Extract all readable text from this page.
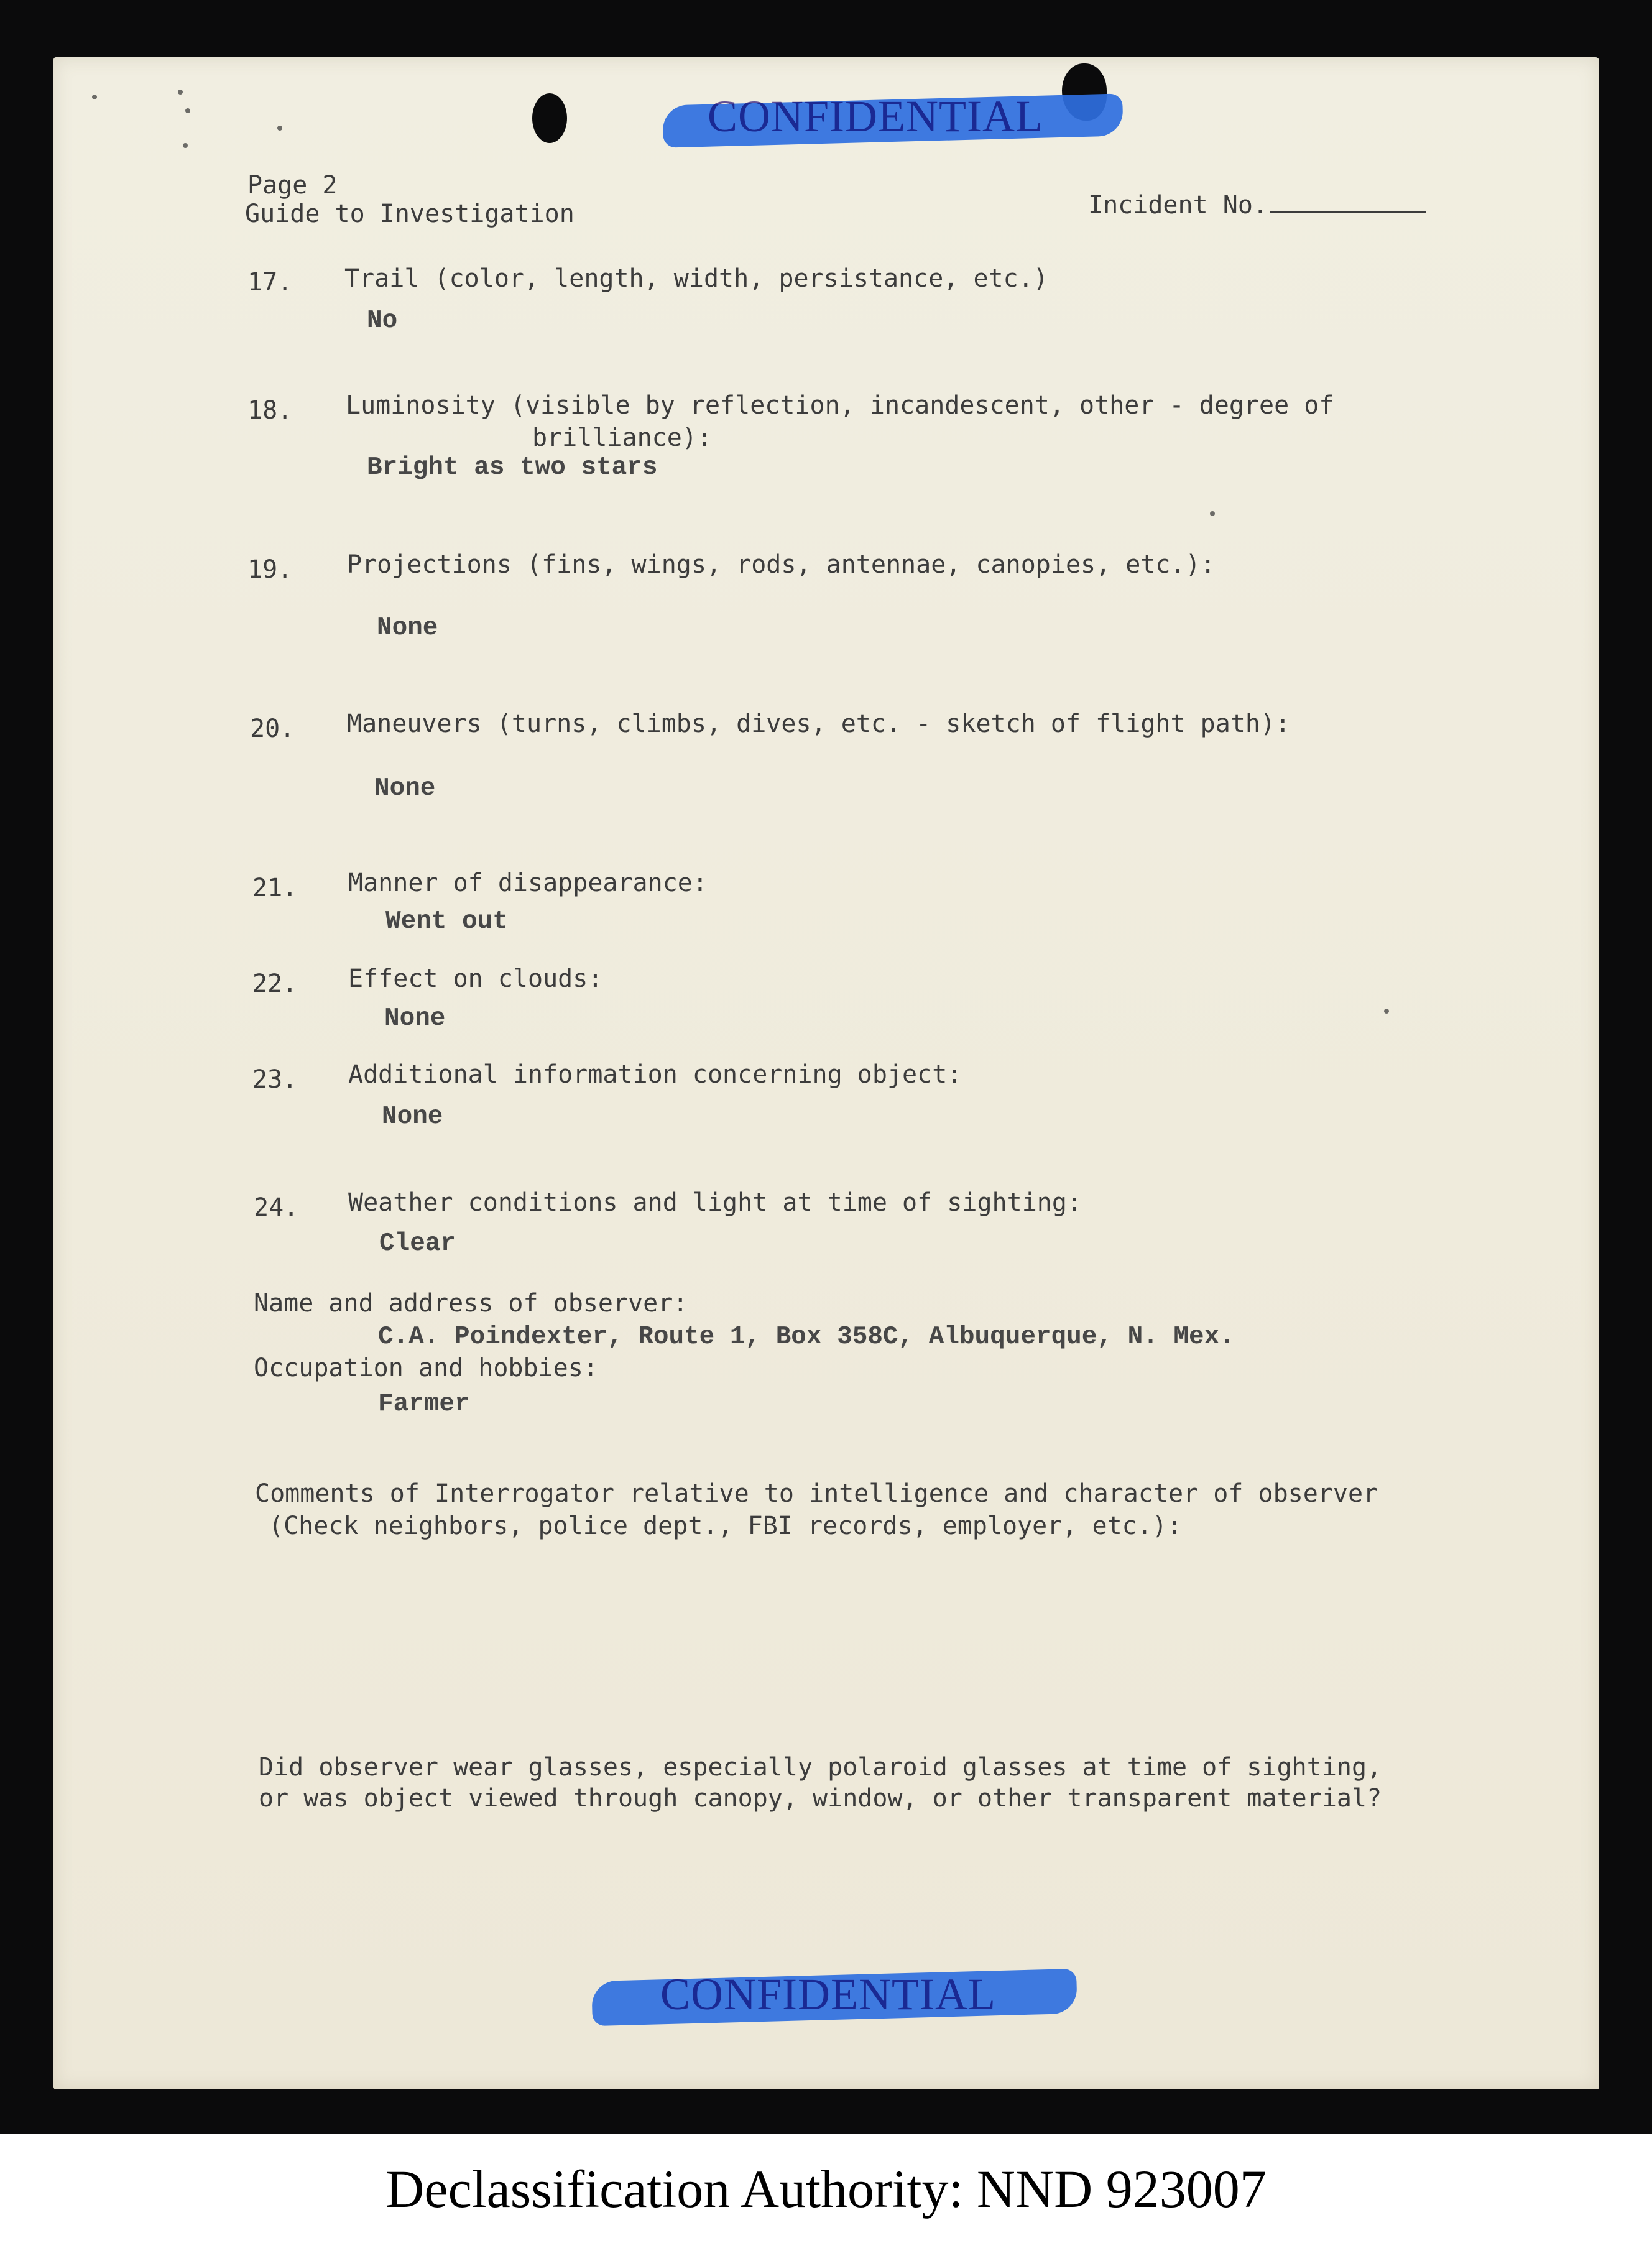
CONFIDENTIAL
Page 2
Guide to Investigation	Incident No.
17. Trail (color, length, width, persistance, etc.)
No
18. Luminosity (visible by reflection, incandescent, other - degree of
brilliance):
Bright as two stars
19. Projections (fins, wings, rods, antennae, canopies, etc.):
None
20. Maneuvers (turns, climbs, dives, etc. - sketch of flight path):
None
21. Manner of disappearance:
Went out
22. Effect on clouds:
None
23. Additional information concerning object:
None
24. Weather conditions and light at time of sighting:
Clear
Name and address of observer:
C.A. Poindexter, Route 1, Box 358C, Albuquerque, N. Mex.
Occupation and hobbies:
Farmer
Comments of Interrogator relative to intelligence and character of observer
(Check neighbors, police dept., FBI records, employer, etc.):
Did observer wear glasses, especially polaroid glasses at time of sighting,
or was object viewed through canopy, window, or other transparent material?
CONFIDENTIAL
Declassification Authority: NND 923007
